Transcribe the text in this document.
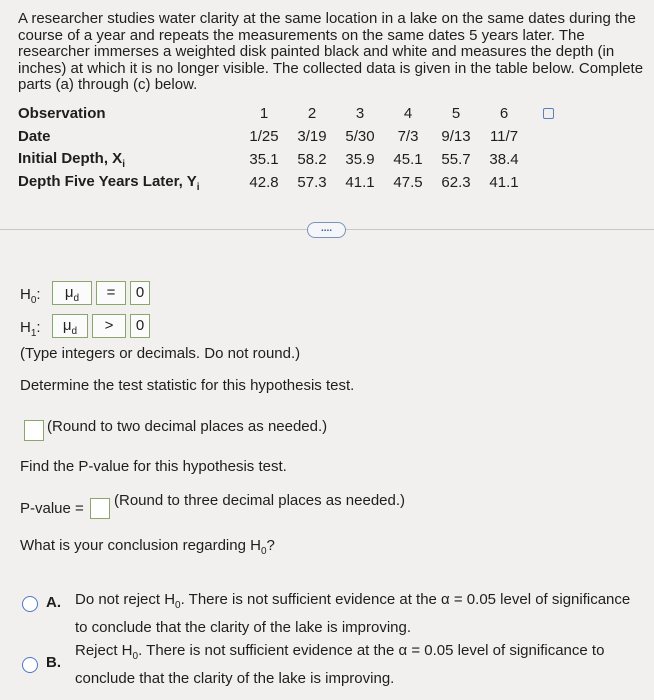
A researcher studies water clarity at the same location in a lake on the same dates during the course of a year and repeats the measurements on the same dates 5 years later. The researcher immerses a weighted disk painted black and white and measures the depth (in inches) at which it is no longer visible. The collected data is given in the table below. Complete parts (a) through (c) below.
Observation	1	2	3	4	5	6	
Date	1/25	3/19	5/30	7/3	9/13	11/7	
Initial Depth, $X_i$	35.1	58.2	35.9	45.1	55.7	38.4	
Depth Five Years Later, $Y_i$	42.8	57.3	41.1	47.5	62.3	41.1	
....
$H_0$:	$\mu_d$	=	0
$H_1$:	$\mu_d$	>	0
(Type integers or decimals. Do not round.)
Determine the test statistic for this hypothesis test.
(Round to two decimal places as needed.)
Find the P-value for this hypothesis test.
P-value = (Round to three decimal places as needed.)
What is your conclusion regarding $H_0$?
A. Do not reject $H_0$. There is not sufficient evidence at the α = 0.05 level of significance
to conclude that the clarity of the lake is improving.
B.
Reject $H_0$. There is not sufficient evidence at the α = 0.05 level of significance to
conclude that the clarity of the lake is improving.
